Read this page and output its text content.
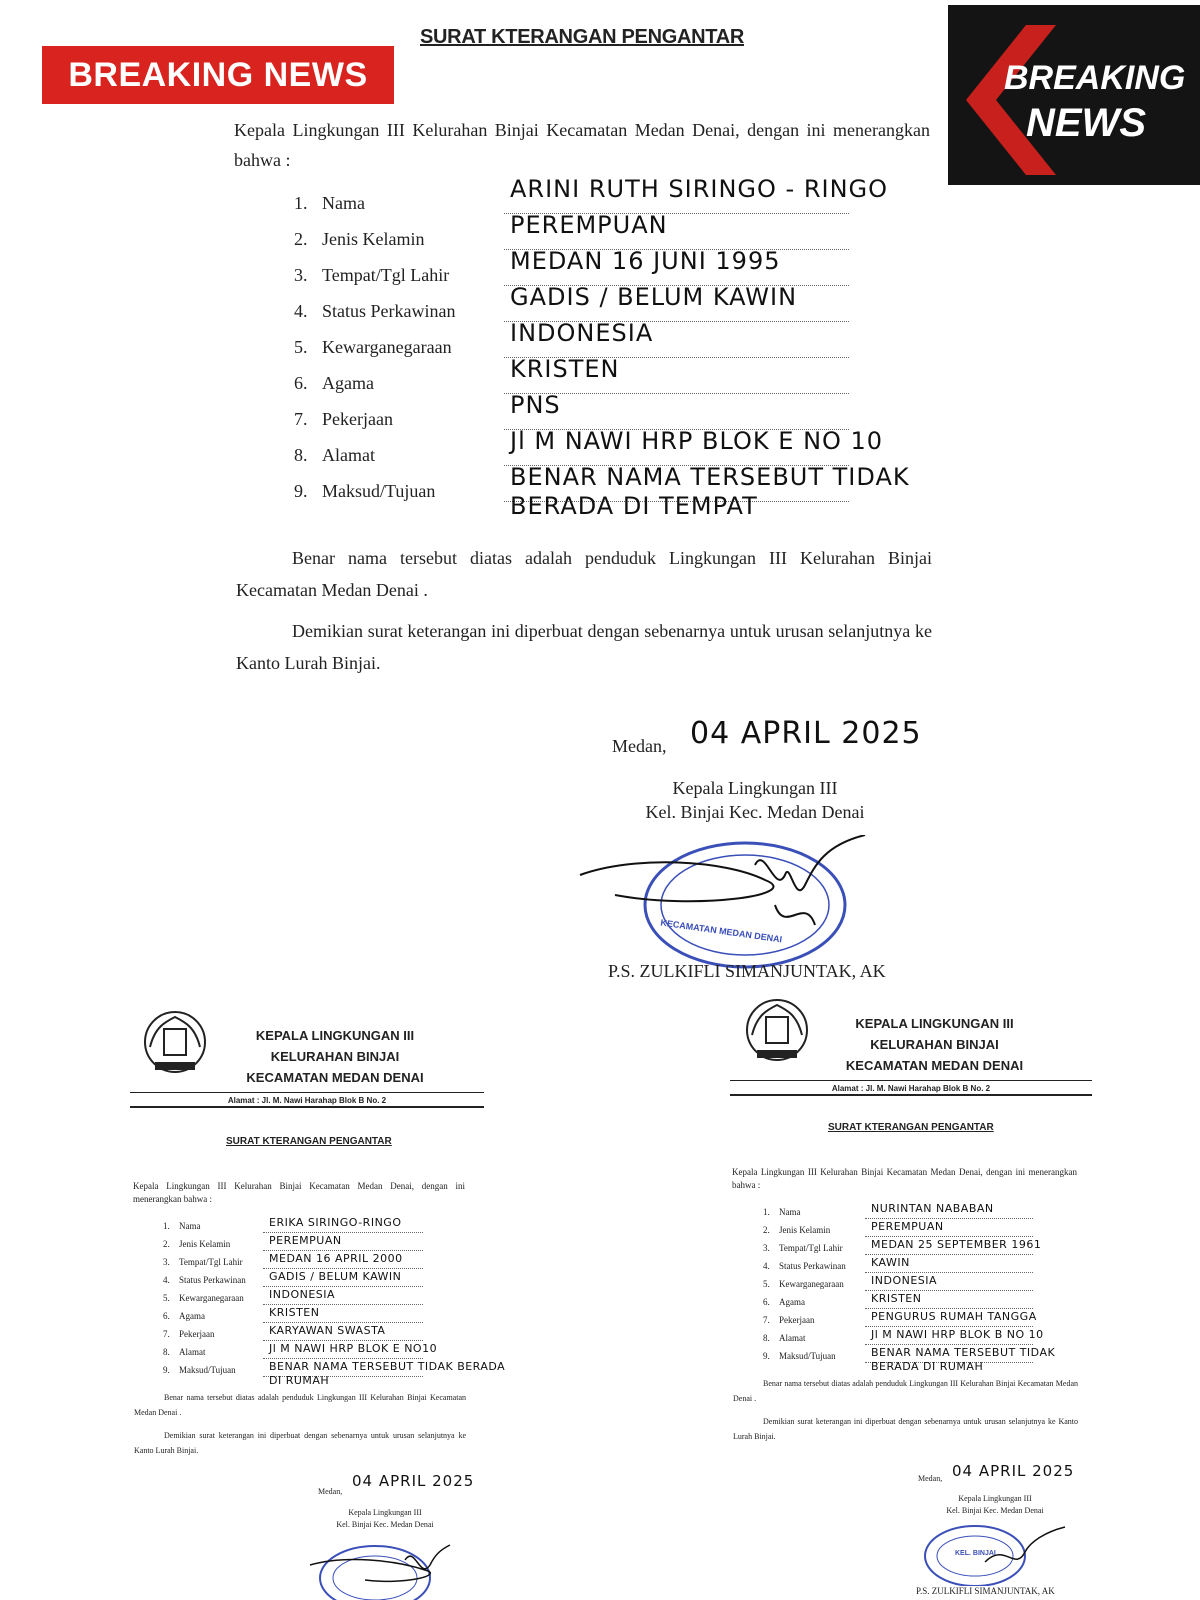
BREAKING NEWS	BREAKING
NEWS
SURAT KTERANGAN PENGANTAR
Kepala Lingkungan III Kelurahan Binjai Kecamatan Medan Denai, dengan ini menerangkan bahwa :
1. Nama	ARINI RUTH SIRINGO - RINGO
2. Jenis Kelamin	PEREMPUAN
3. Tempat/Tgl Lahir	MEDAN 16 JUNI 1995
4. Status Perkawinan GADIS / BELUM KAWIN
5. Kewarganegaraan INDONESIA
6. Agama	KRISTEN
7. Pekerjaan	PNS
8. Alamat	Jl M NAWI HRP BLOK E NO 10
9. Maksud/Tujuan	BENAR NAMA TERSEBUT TIDAK
BERADA DI TEMPAT
Benar nama tersebut diatas adalah penduduk Lingkungan III Kelurahan Binjai Kecamatan Medan Denai .
Demikian surat keterangan ini diperbuat dengan sebenarnya untuk urusan selanjutnya ke Kanto Lurah Binjai.
Medan, 04 APRIL 2025
Kepala Lingkungan III
Kel. Binjai Kec. Medan Denai
KECAMATAN MEDAN DENAI
P.S. ZULKIFLI SIMANJUNTAK, AK
KEPALA LINGKUNGAN III
KELURAHAN BINJAI
KECAMATAN MEDAN DENAI
Alamat : Jl. M. Nawi Harahap Blok B No. 2
SURAT KTERANGAN PENGANTAR
Kepala Lingkungan III Kelurahan Binjai Kecamatan Medan Denai, dengan ini menerangkan bahwa :
1. Nama	ERIKA SIRINGO-RINGO
2. Jenis Kelamin	PEREMPUAN
3. Tempat/Tgl Lahir MEDAN 16 APRIL 2000
4. Status Perkawinan GADIS / BELUM KAWIN
5. Kewarganegaraan INDONESIA
6. Agama	KRISTEN
7. Pekerjaan	KARYAWAN SWASTA
8. Alamat	Jl M NAWI HRP BLOK E NO10
9. Maksud/Tujuan	BENAR NAMA TERSEBUT TIDAK BERADA
DI RUMAH
Benar nama tersebut diatas adalah penduduk Lingkungan III Kelurahan Binjai Kecamatan Medan Denai .
Demikian surat keterangan ini diperbuat dengan sebenarnya untuk urusan selanjutnya ke Kanto Lurah Binjai.
Medan,
04 APRIL 2025
Kepala Lingkungan III
Kel. Binjai Kec. Medan Denai
KEPALA LINGKUNGAN III
KELURAHAN BINJAI
KECAMATAN MEDAN DENAI
Alamat : Jl. M. Nawi Harahap Blok B No. 2
SURAT KTERANGAN PENGANTAR
Kepala Lingkungan III Kelurahan Binjai Kecamatan Medan Denai, dengan ini menerangkan bahwa :
1. Nama	NURINTAN NABABAN
2. Jenis Kelamin	PEREMPUAN
3. Tempat/Tgl Lahir	MEDAN 25 SEPTEMBER 1961
4. Status Perkawinan KAWIN
5. Kewarganegaraan INDONESIA
6. Agama	KRISTEN
7. Pekerjaan	PENGURUS RUMAH TANGGA
8. Alamat	Jl M NAWI HRP BLOK B NO 10
9. Maksud/Tujuan	BENAR NAMA TERSEBUT TIDAK
BERADA DI RUMAH
Benar nama tersebut diatas adalah penduduk Lingkungan III Kelurahan Binjai Kecamatan Medan Denai .
Demikian surat keterangan ini diperbuat dengan sebenarnya untuk urusan selanjutnya ke Kanto Lurah Binjai.
Medan, 04 APRIL 2025
Kepala Lingkungan III
Kel. Binjai Kec. Medan Denai
KEL. BINJAI
P.S. ZULKIFLI SIMANJUNTAK, AK
